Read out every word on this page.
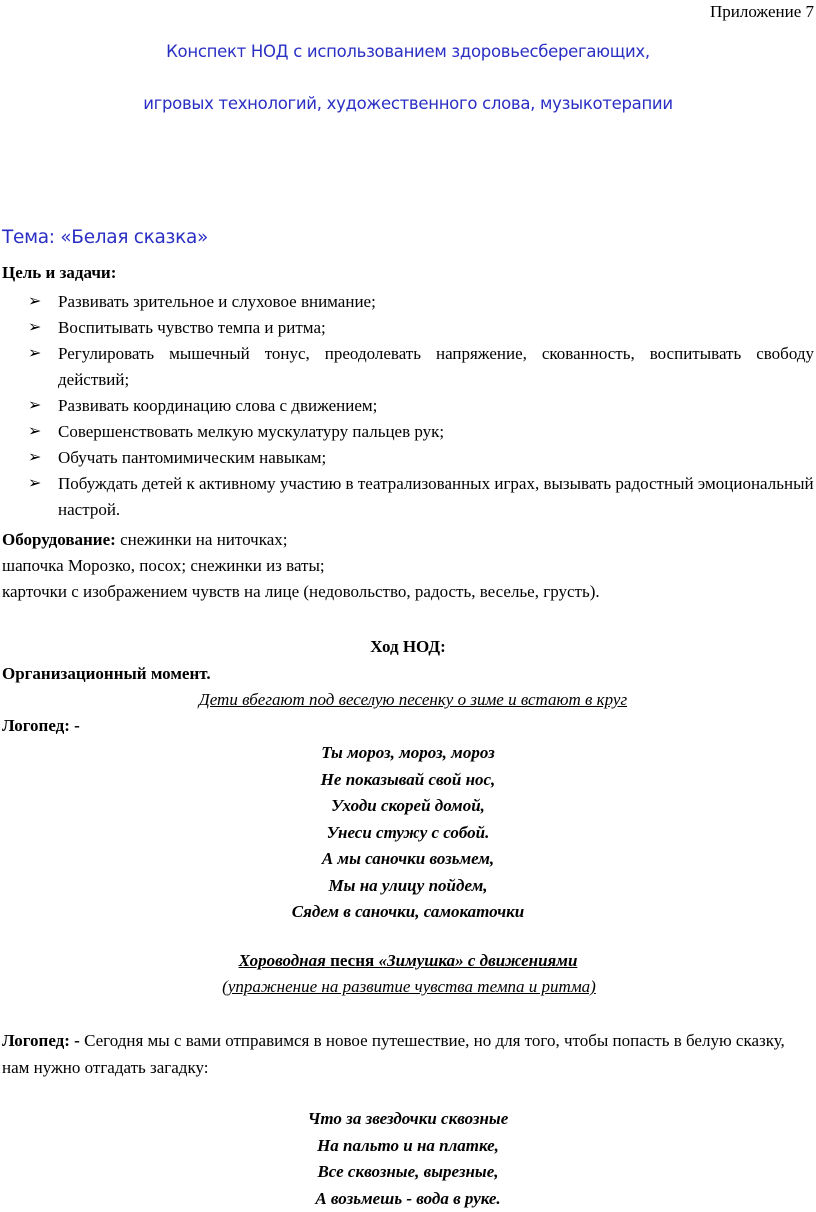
Приложение 7
Конспект НОД с использованием здоровьесберегающих,
игровых технологий, художественного слова, музыкотерапии
Тема: «Белая сказка»
Цель и задачи:
➢ Развивать зрительное и слуховое внимание;
➢ Воспитывать чувство темпа и ритма;
➢ Регулировать мышечный тонус, преодолевать напряжение, скованность, воспитывать свободу действий;
➢ Развивать координацию слова с движением;
➢ Совершенствовать мелкую мускулатуру пальцев рук;
➢ Обучать пантомимическим навыкам;
➢ Побуждать детей к активному участию в театрализованных играх, вызывать радостный эмоциональный настрой.
Оборудование: снежинки на ниточках;
шапочка Морозко, посох; снежинки из ваты;
карточки с изображением чувств на лице (недовольство, радость, веселье, грусть).
Ход НОД:
Организационный момент.
Дети вбегают под веселую песенку о зиме и встают в круг
Логопед: -
Ты мороз, мороз, мороз
Не показывай свой нос,
Уходи скорей домой,
Унеси стужу с собой.
А мы саночки возьмем,
Мы на улицу пойдем,
Сядем в саночки, самокаточки
Хороводная песня «Зимушка» с движениями
(упражнение на развитие чувства темпа и ритма)
Логопед: - Сегодня мы с вами отправимся в новое путешествие, но для того, чтобы попасть в белую сказку, нам нужно отгадать загадку:
Что за звездочки сквозные
На пальто и на платке,
Все сквозные, вырезные,
А возьмешь - вода в руке.
